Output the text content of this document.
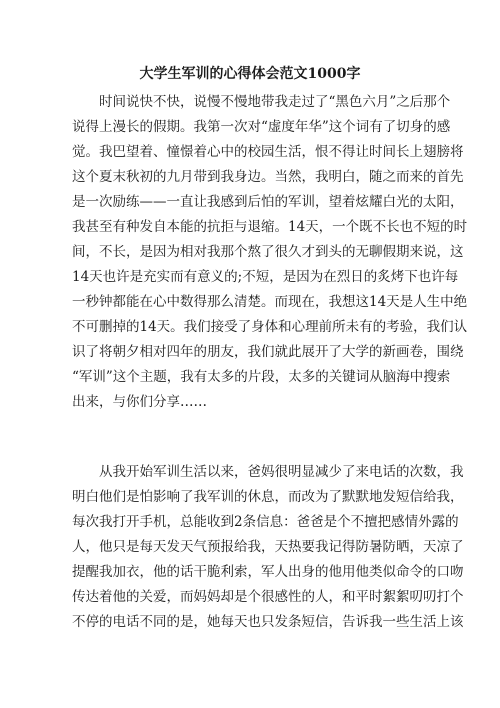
大学生军训的心得体会范文1000字
时间说快不快，说慢不慢地带我走过了“黑色六月”之后那个
说得上漫长的假期。我第一次对“虚度年华”这个词有了切身的感
觉。我巴望着、憧憬着心中的校园生活，恨不得让时间长上翅膀将
这个夏末秋初的九月带到我身边。当然，我明白，随之而来的首先
是一次励练——一直让我感到后怕的军训，望着炫耀白光的太阳，
我甚至有种发自本能的抗拒与退缩。14天，一个既不长也不短的时
间，不长，是因为相对我那个熬了很久才到头的无聊假期来说，这
14天也许是充实而有意义的;不短，是因为在烈日的炙烤下也许每
一秒钟都能在心中数得那么清楚。而现在，我想这14天是人生中绝
不可删掉的14天。我们接受了身体和心理前所未有的考验，我们认
识了将朝夕相对四年的朋友，我们就此展开了大学的新画卷，围绕
“军训”这个主题，我有太多的片段，太多的关键词从脑海中搜索
出来，与你们分享……
从我开始军训生活以来，爸妈很明显减少了来电话的次数，我
明白他们是怕影响了我军训的休息，而改为了默默地发短信给我，
每次我打开手机，总能收到2条信息：爸爸是个不擅把感情外露的
人，他只是每天发天气预报给我，天热要我记得防暑防晒，天凉了
提醒我加衣，他的话干脆利索，军人出身的他用他类似命令的口吻
传达着他的关爱，而妈妈却是个很感性的人，和平时絮絮叨叨打个
不停的电话不同的是，她每天也只发条短信，告诉我一些生活上该
